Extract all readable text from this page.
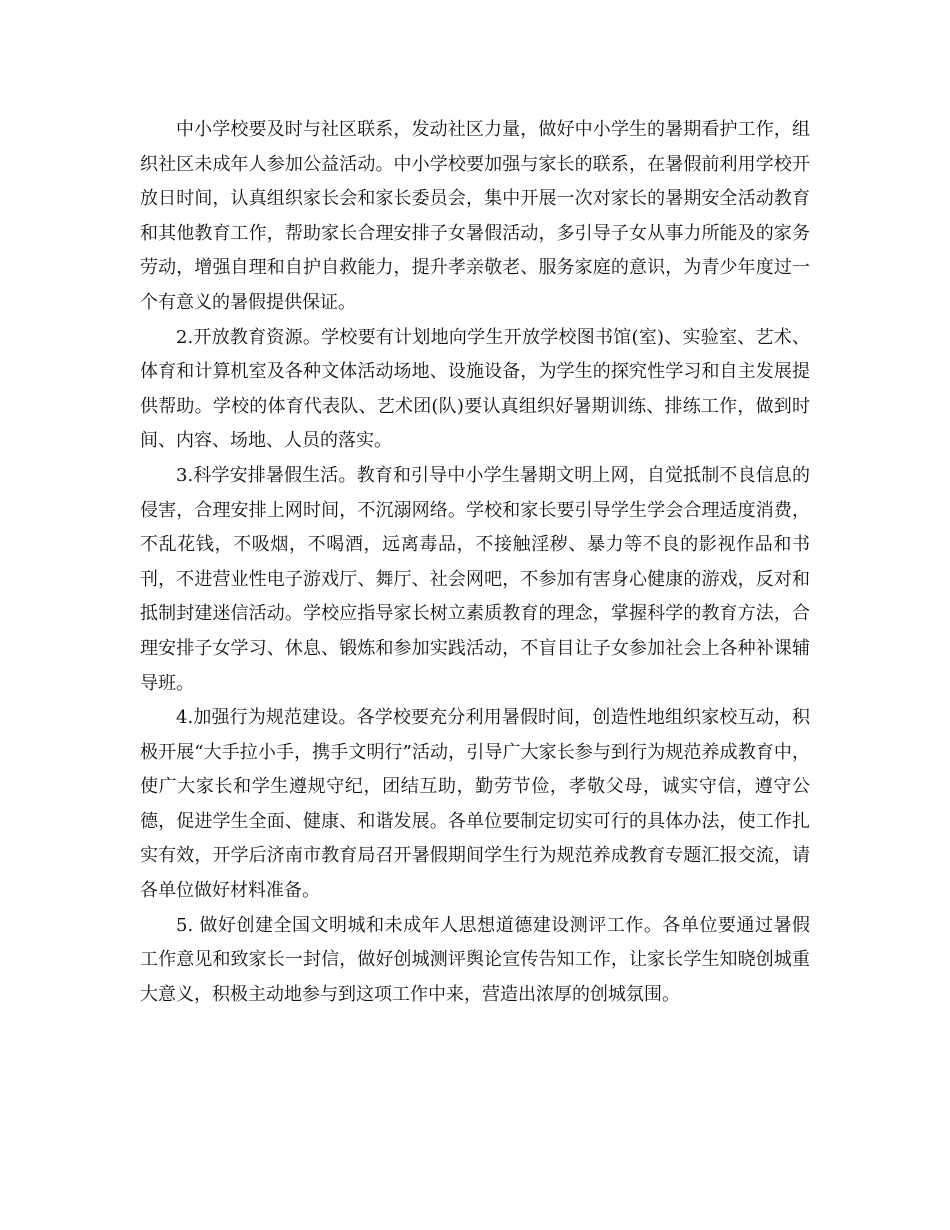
中小学校要及时与社区联系，发动社区力量，做好中小学生的暑期看护工作，组织社区未成年人参加公益活动。中小学校要加强与家长的联系，在暑假前利用学校开放日时间，认真组织家长会和家长委员会，集中开展一次对家长的暑期安全活动教育和其他教育工作，帮助家长合理安排子女暑假活动，多引导子女从事力所能及的家务劳动，增强自理和自护自救能力，提升孝亲敬老、服务家庭的意识，为青少年度过一个有意义的暑假提供保证。

2.开放教育资源。学校要有计划地向学生开放学校图书馆(室)、实验室、艺术、体育和计算机室及各种文体活动场地、设施设备，为学生的探究性学习和自主发展提供帮助。学校的体育代表队、艺术团(队)要认真组织好暑期训练、排练工作，做到时间、内容、场地、人员的落实。

3.科学安排暑假生活。教育和引导中小学生暑期文明上网，自觉抵制不良信息的侵害，合理安排上网时间，不沉溺网络。学校和家长要引导学生学会合理适度消费，不乱花钱，不吸烟，不喝酒，远离毒品，不接触淫秽、暴力等不良的影视作品和书刊，不进营业性电子游戏厅、舞厅、社会网吧，不参加有害身心健康的游戏，反对和抵制封建迷信活动。学校应指导家长树立素质教育的理念，掌握科学的教育方法，合理安排子女学习、休息、锻炼和参加实践活动，不盲目让子女参加社会上各种补课辅导班。

4.加强行为规范建设。各学校要充分利用暑假时间，创造性地组织家校互动，积极开展“大手拉小手，携手文明行”活动，引导广大家长参与到行为规范养成教育中，使广大家长和学生遵规守纪，团结互助，勤劳节俭，孝敬父母，诚实守信，遵守公德，促进学生全面、健康、和谐发展。各单位要制定切实可行的具体办法，使工作扎实有效，开学后济南市教育局召开暑假期间学生行为规范养成教育专题汇报交流，请各单位做好材料准备。

5. 做好创建全国文明城和未成年人思想道德建设测评工作。各单位要通过暑假工作意见和致家长一封信，做好创城测评舆论宣传告知工作，让家长学生知晓创城重大意义，积极主动地参与到这项工作中来，营造出浓厚的创城氛围。
